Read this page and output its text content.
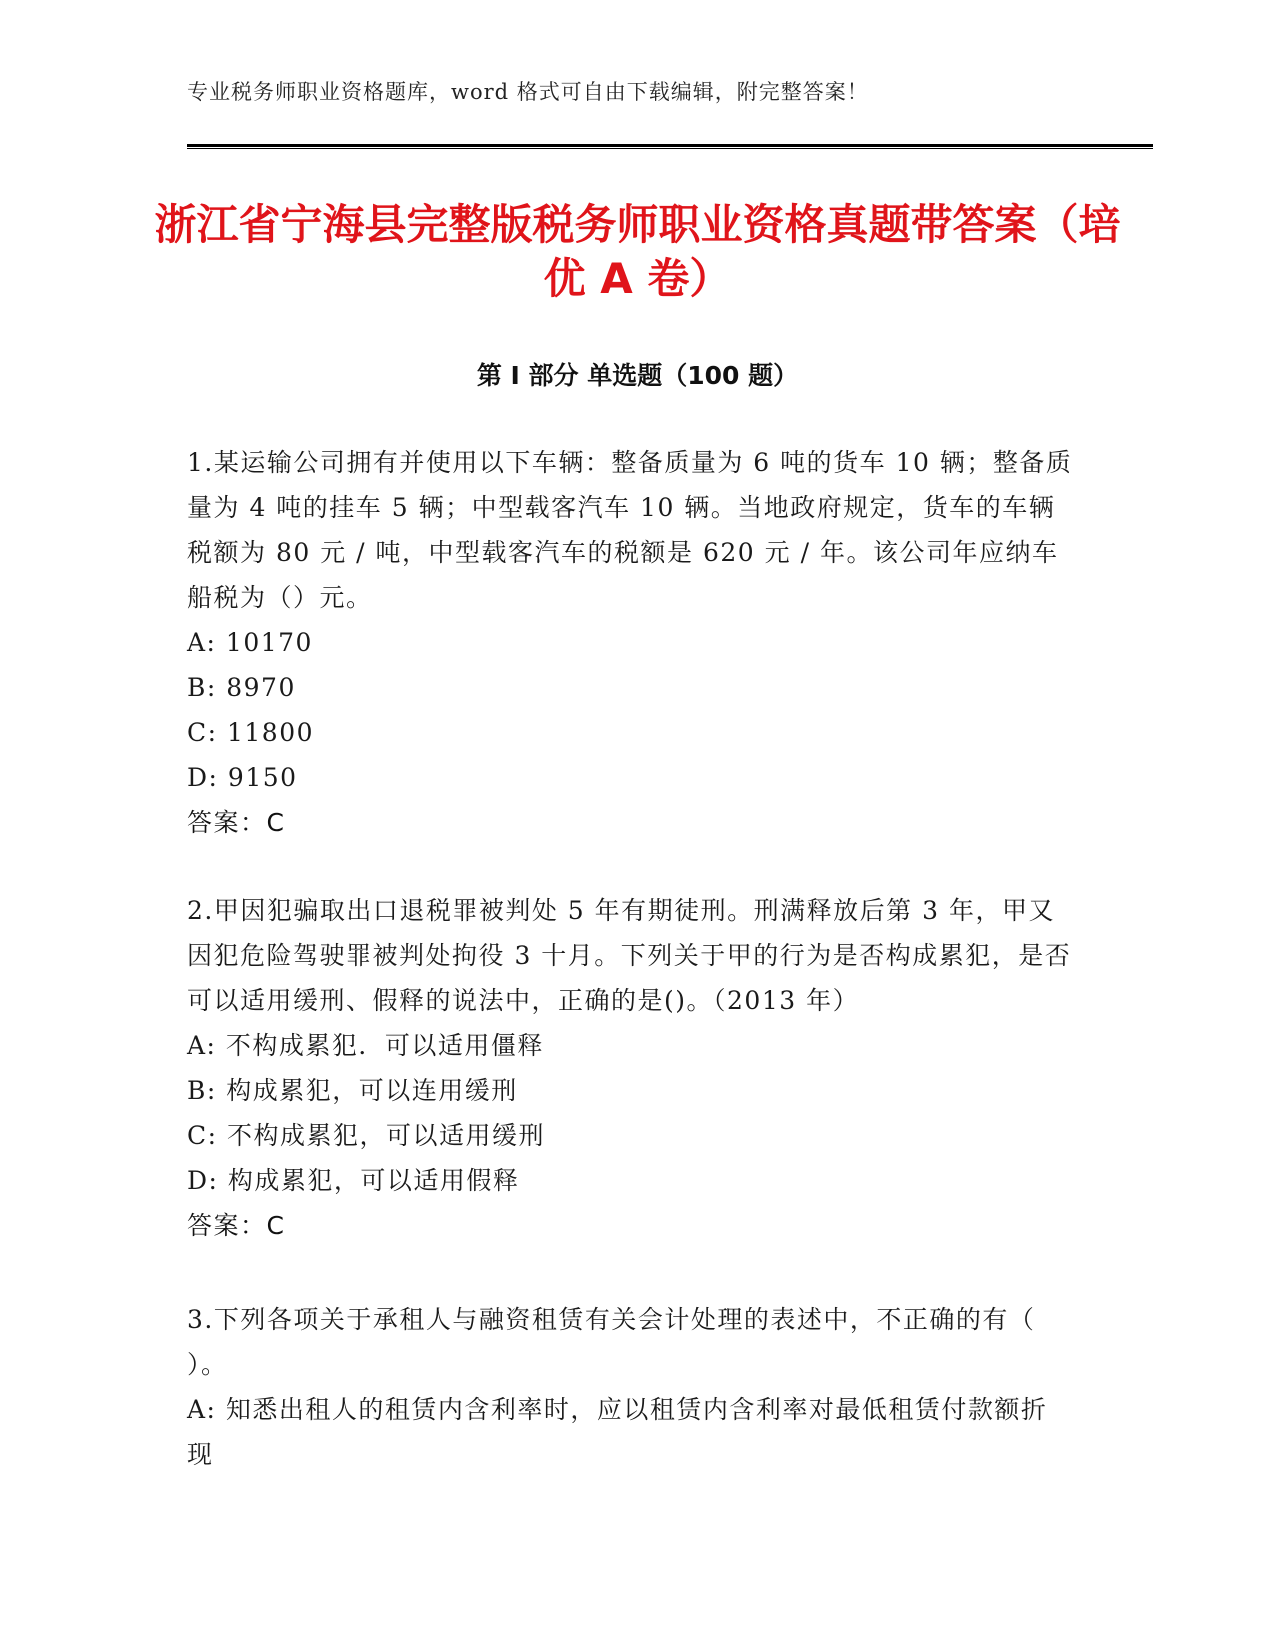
专业税务师职业资格题库，word 格式可自由下载编辑，附完整答案！
浙江省宁海县完整版税务师职业资格真题带答案（培优 A 卷）
第 I 部分 单选题（100 题）

1.某运输公司拥有并使用以下车辆：整备质量为 6 吨的货车 10 辆；整备质量为 4 吨的挂车 5 辆；中型载客汽车 10 辆。当地政府规定，货车的车辆税额为 80 元 / 吨，中型载客汽车的税额是 620 元 / 年。该公司年应纳车船税为（）元。

A: 10170

B: 8970

C: 11800

D: 9150

答案：C

2.甲因犯骗取出口退税罪被判处 5 年有期徒刑。刑满释放后第 3 年，甲又因犯危险驾驶罪被判处拘役 3 十月。下列关于甲的行为是否构成累犯，是否可以适用缓刑、假释的说法中，正确的是()。（2013 年）

A: 不构成累犯．可以适用僵释

B: 构成累犯，可以连用缓刑

C: 不构成累犯，可以适用缓刑

D: 构成累犯，可以适用假释

答案：C

3.下列各项关于承租人与融资租赁有关会计处理的表述中，不正确的有（ ）。

A: 知悉出租人的租赁内含利率时，应以租赁内含利率对最低租赁付款额折现
